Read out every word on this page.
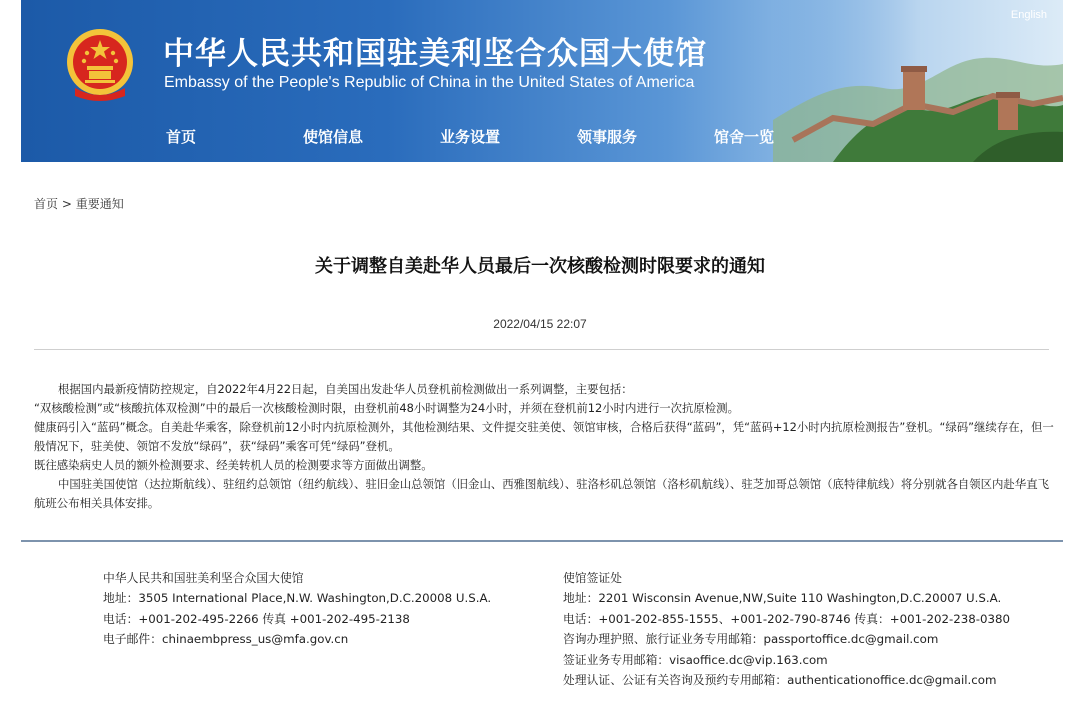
中华人民共和国驻美利坚合众国大使馆
Embassy of the People's Republic of China in the United States of America
English
首页	使馆信息	业务设置	领事服务	馆舍一览
首页 > 重要通知
关于调整自美赴华人员最后一次核酸检测时限要求的通知
2022/04/15 22:07

根据国内最新疫情防控规定，自2022年4月22日起，自美国出发赴华人员登机前检测做出一系列调整，主要包括：

“双核酸检测”或“核酸抗体双检测”中的最后一次核酸检测时限，由登机前48小时调整为24小时，并须在登机前12小时内进行一次抗原检测。

健康码引入“蓝码”概念。自美赴华乘客，除登机前12小时内抗原检测外，其他检测结果、文件提交驻美使、领馆审核，合格后获得“蓝码”，凭“蓝码+12小时内抗原检测报告”登机。“绿码”继续存在，但一般情况下，驻美使、领馆不发放“绿码”，获“绿码”乘客可凭“绿码”登机。

既往感染病史人员的额外检测要求、经美转机人员的检测要求等方面做出调整。

中国驻美国使馆（达拉斯航线）、驻纽约总领馆（纽约航线）、驻旧金山总领馆（旧金山、西雅图航线）、驻洛杉矶总领馆（洛杉矶航线）、驻芝加哥总领馆（底特律航线）将分别就各自领区内赴华直飞航班公布相关具体安排。

中华人民共和国驻美利坚合众国大使馆
地址：3505 International Place,N.W. Washington,D.C.20008 U.S.A.
电话：+001-202-495-2266 传真 +001-202-495-2138
电子邮件：chinaembpress_us@mfa.gov.cn
使馆签证处
地址：2201 Wisconsin Avenue,NW,Suite 110 Washington,D.C.20007 U.S.A.
电话：+001-202-855-1555、+001-202-790-8746 传真：+001-202-238-0380
咨询办理护照、旅行证业务专用邮箱：passportoffice.dc@gmail.com
签证业务专用邮箱：visaoffice.dc@vip.163.com
处理认证、公证有关咨询及预约专用邮箱：authenticationoffice.dc@gmail.com
